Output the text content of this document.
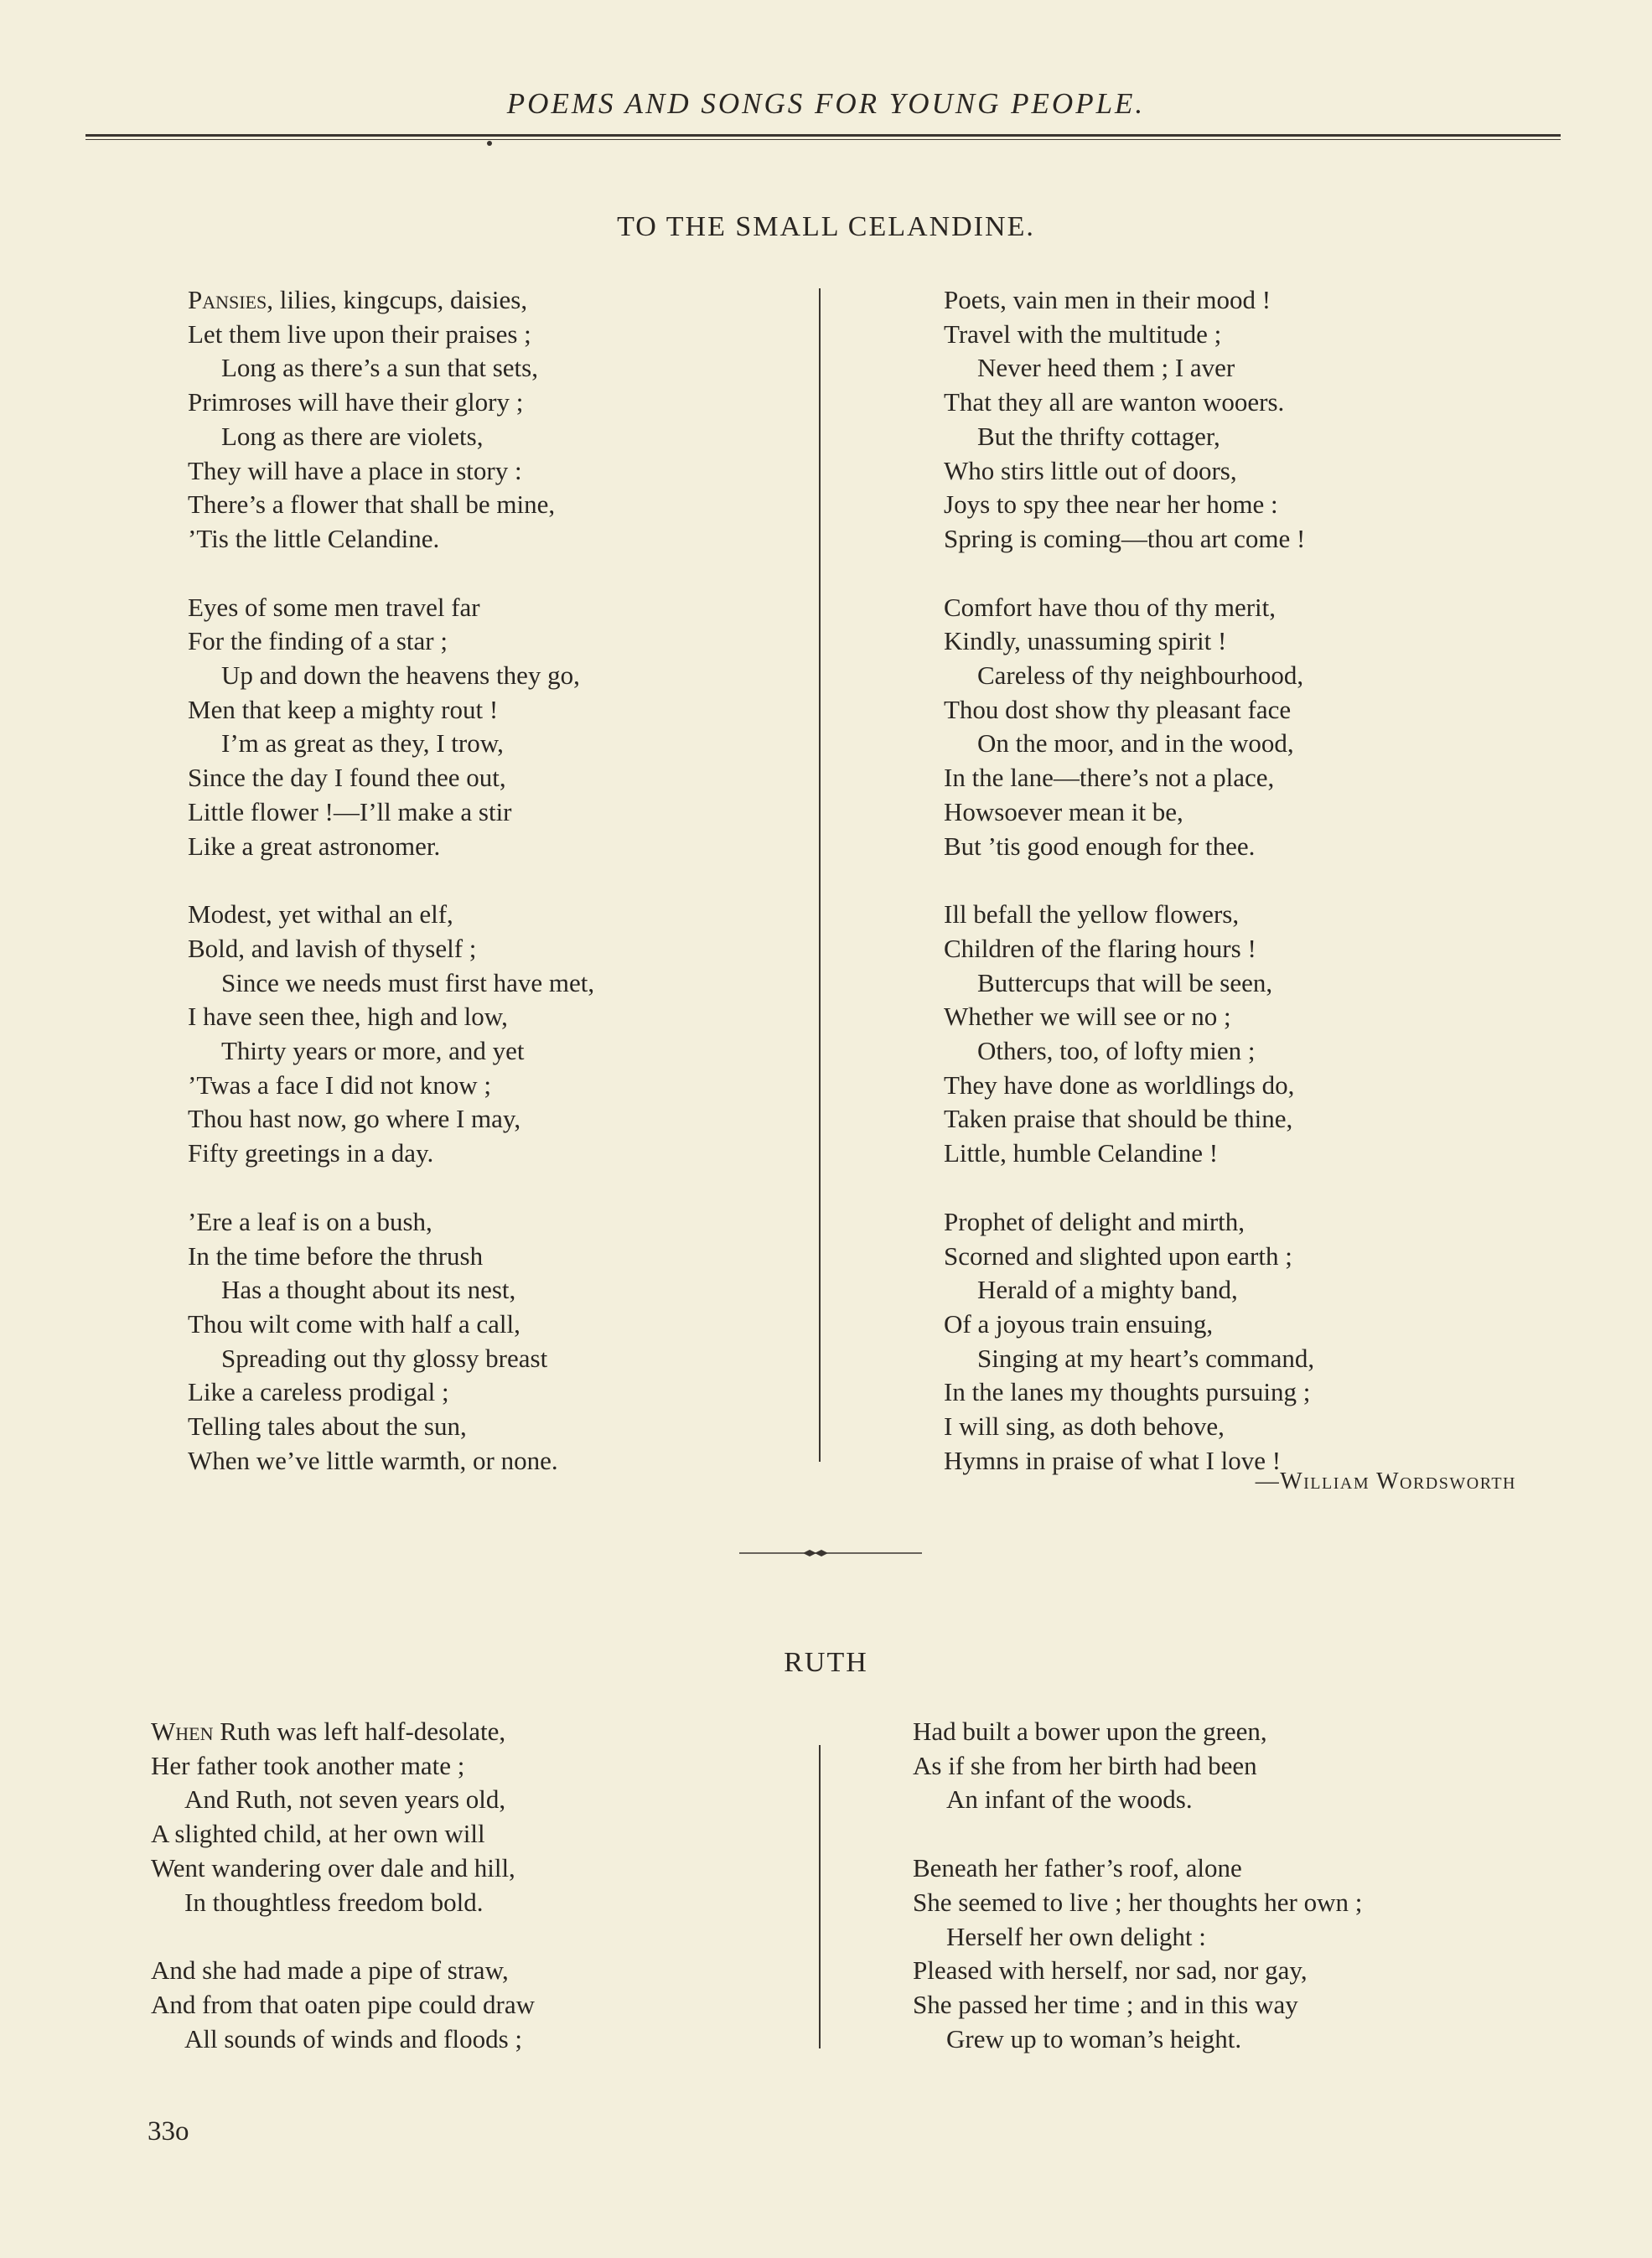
POEMS AND SONGS FOR YOUNG PEOPLE.
TO THE SMALL CELANDINE.
Pansies, lilies, kingcups, daisies,
Let them live upon their praises ;
Long as there’s a sun that sets,
Primroses will have their glory ;
Long as there are violets,
They will have a place in story :
There’s a flower that shall be mine,
’Tis the little Celandine.
Eyes of some men travel far
For the finding of a star ;
Up and down the heavens they go,
Men that keep a mighty rout !
I’m as great as they, I trow,
Since the day I found thee out,
Little flower !—I’ll make a stir
Like a great astronomer.
Modest, yet withal an elf,
Bold, and lavish of thyself ;
Since we needs must first have met,
I have seen thee, high and low,
Thirty years or more, and yet
’Twas a face I did not know ;
Thou hast now, go where I may,
Fifty greetings in a day.
’Ere a leaf is on a bush,
In the time before the thrush
Has a thought about its nest,
Thou wilt come with half a call,
Spreading out thy glossy breast
Like a careless prodigal ;
Telling tales about the sun,
When we’ve little warmth, or none.
Poets, vain men in their mood !
Travel with the multitude ;
Never heed them ; I aver
That they all are wanton wooers.
But the thrifty cottager,
Who stirs little out of doors,
Joys to spy thee near her home :
Spring is coming—thou art come !
Comfort have thou of thy merit,
Kindly, unassuming spirit !
Careless of thy neighbourhood,
Thou dost show thy pleasant face
On the moor, and in the wood,
In the lane—there’s not a place,
Howsoever mean it be,
But ’tis good enough for thee.
Ill befall the yellow flowers,
Children of the flaring hours !
Buttercups that will be seen,
Whether we will see or no ;
Others, too, of lofty mien ;
They have done as worldlings do,
Taken praise that should be thine,
Little, humble Celandine !
Prophet of delight and mirth,
Scorned and slighted upon earth ;
Herald of a mighty band,
Of a joyous train ensuing,
Singing at my heart’s command,
In the lanes my thoughts pursuing ;
I will sing, as doth behove,
Hymns in praise of what I love !
—William Wordsworth
RUTH
When Ruth was left half-desolate,
Her father took another mate ;
And Ruth, not seven years old,
A slighted child, at her own will
Went wandering over dale and hill,
In thoughtless freedom bold.
And she had made a pipe of straw,
And from that oaten pipe could draw
All sounds of winds and floods ;
Had built a bower upon the green,
As if she from her birth had been
An infant of the woods.
Beneath her father’s roof, alone
She seemed to live ; her thoughts her own ;
Herself her own delight :
Pleased with herself, nor sad, nor gay,
She passed her time ; and in this way
Grew up to woman’s height.
33o
